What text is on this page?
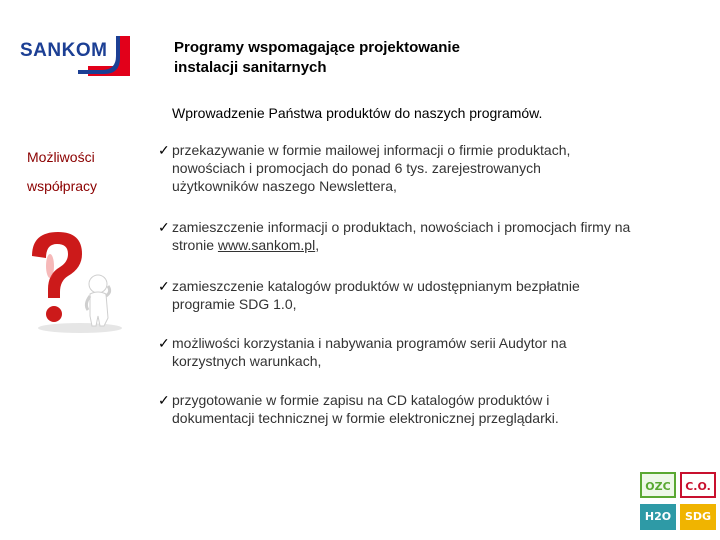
SANKOM	Programy wspomagające projektowanie
instalacji sanitarnych
Wprowadzenie Państwa produktów do naszych programów.
Możliwości
współpracy
✓ przekazywanie w formie mailowej informacji o firmie produktach,
nowościach i promocjach do ponad 6 tys. zarejestrowanych
użytkowników naszego Newslettera,
✓ zamieszczenie informacji o produktach, nowościach i promocjach firmy na
stronie www.sankom.pl,
✓ zamieszczenie katalogów produktów w udostępnianym bezpłatnie
programie SDG 1.0,
✓ możliwości korzystania i nabywania programów serii Audytor na
korzystnych warunkach,
✓ przygotowanie w formie zapisu na CD katalogów produktów i
dokumentacji technicznej w formie elektronicznej przeglądarki.
OZC	C.O.
H2O	SDG
